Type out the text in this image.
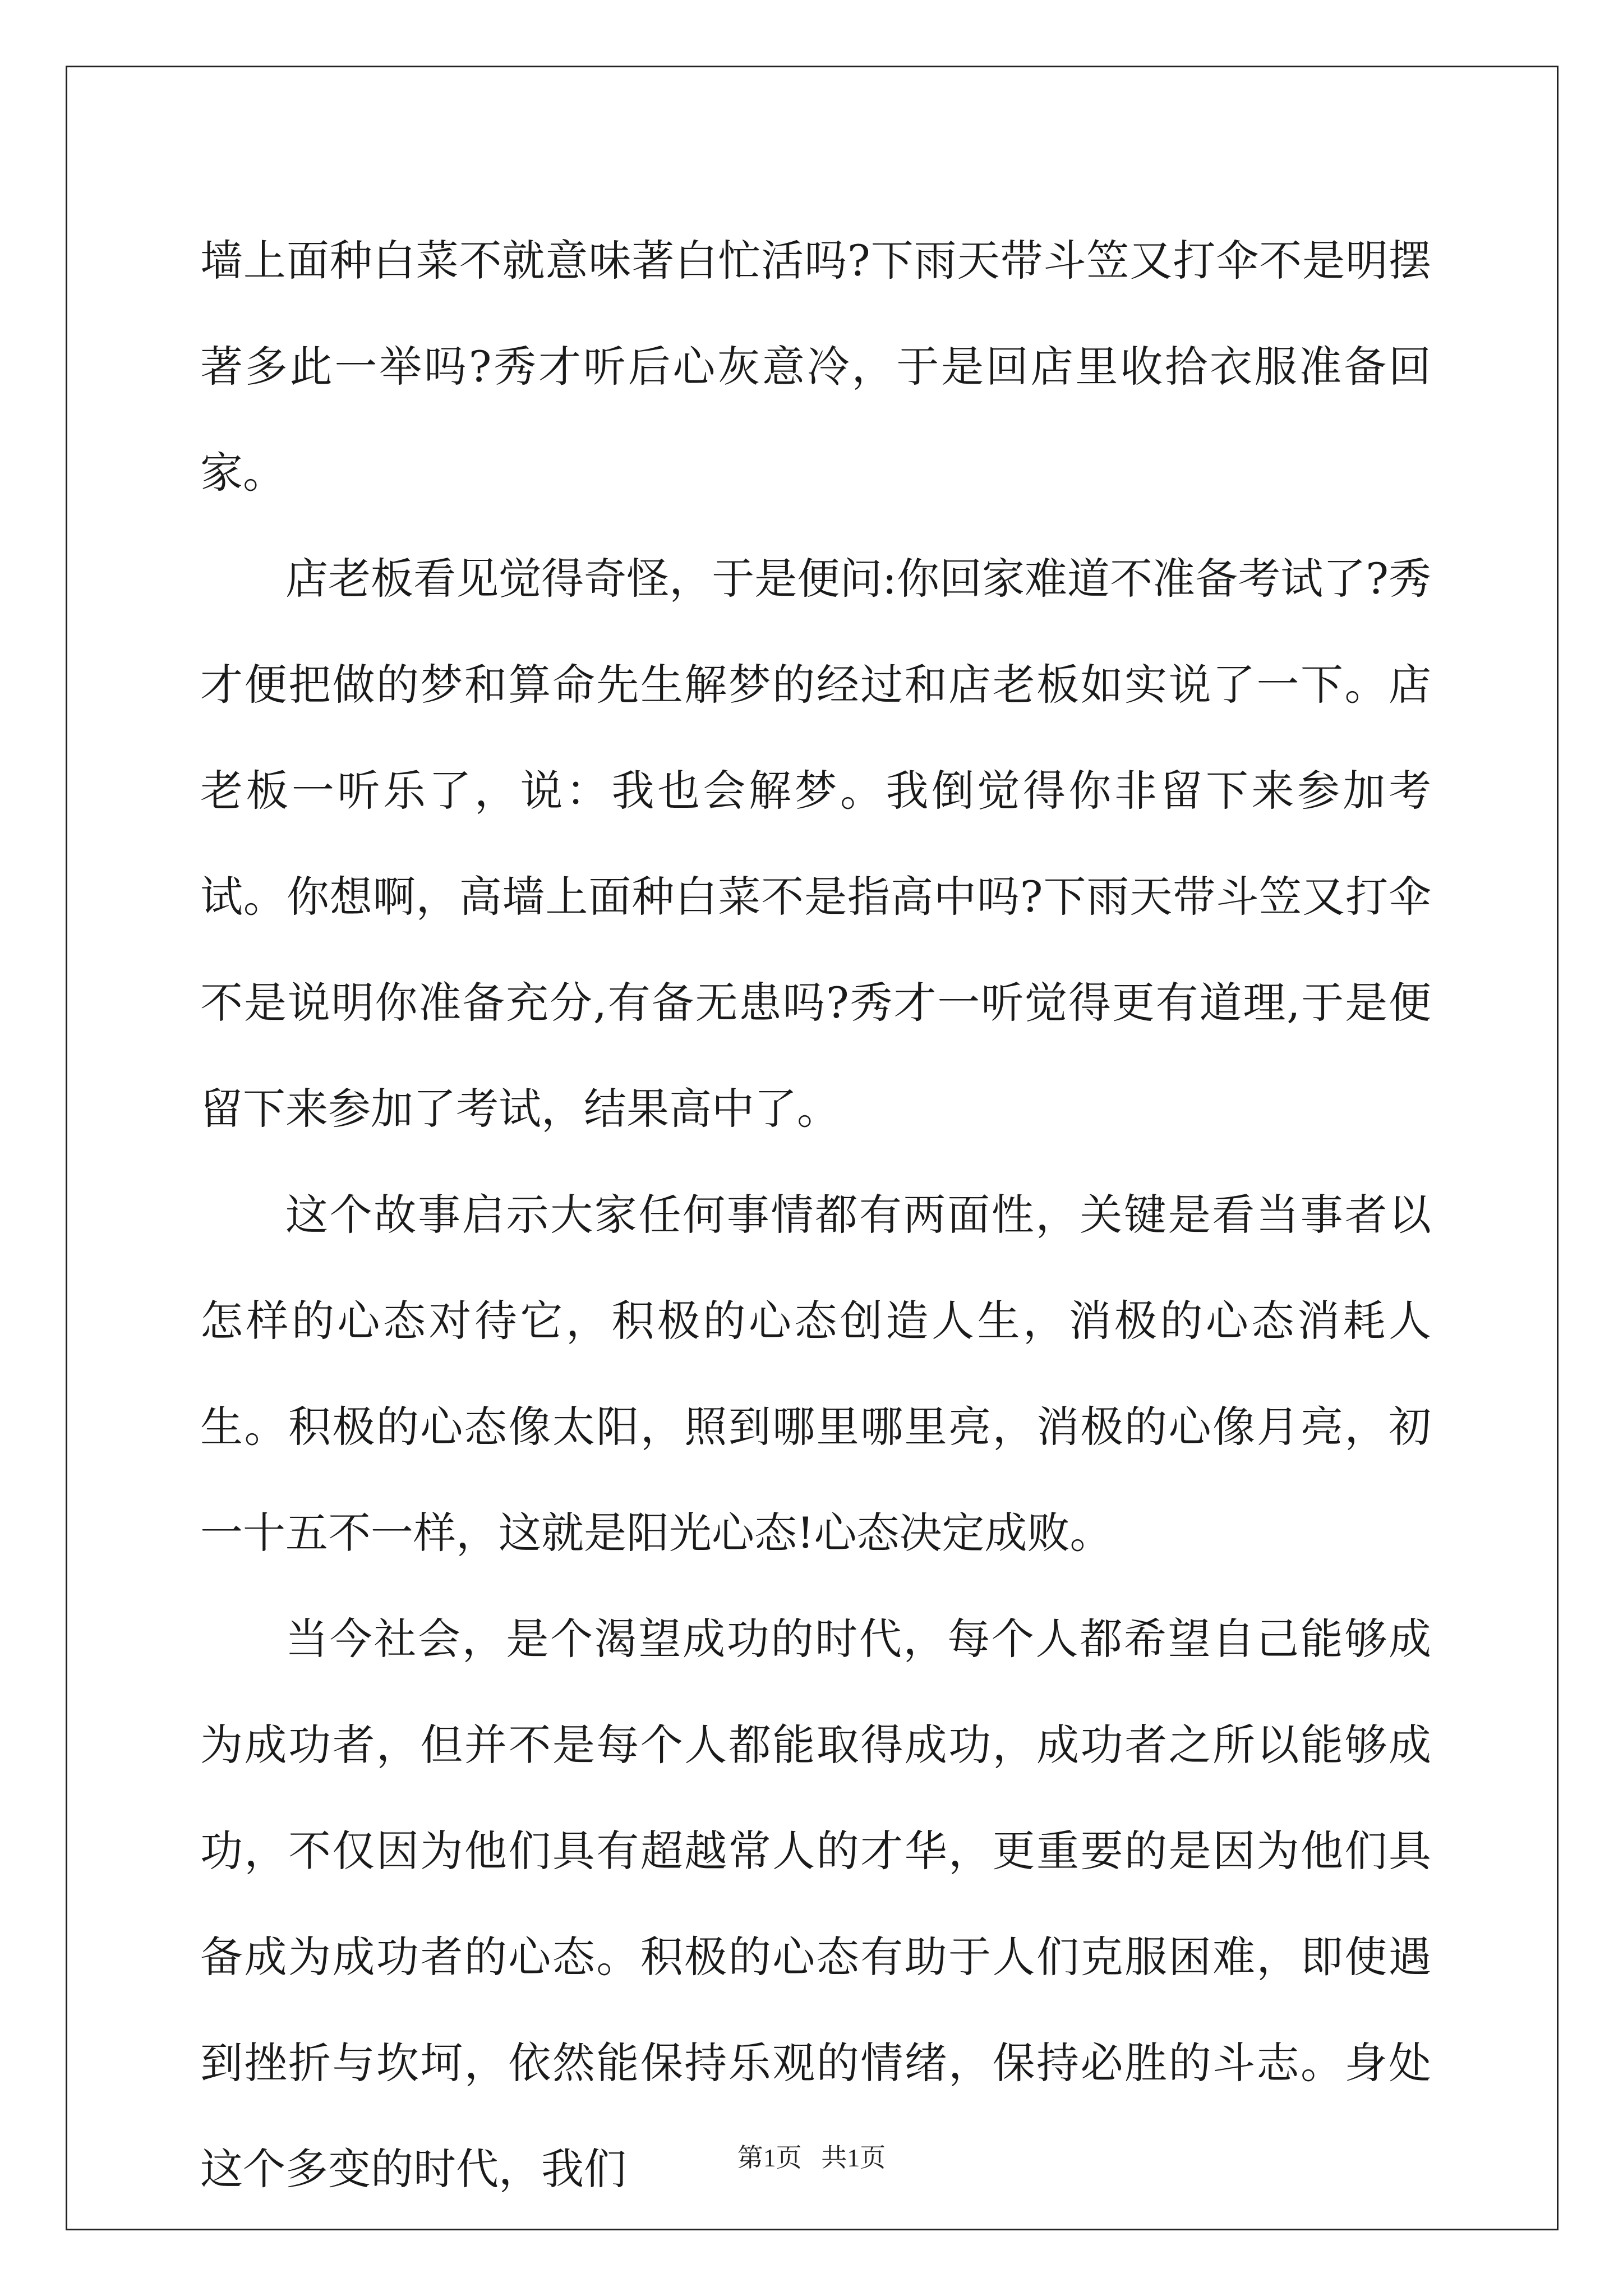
墙上面种白菜不就意味著白忙活吗?下雨天带斗笠又打伞不是明摆著多此一举吗?秀才听后心灰意冷，于是回店里收拾衣服准备回家。

店老板看见觉得奇怪，于是便问:你回家难道不准备考试了?秀才便把做的梦和算命先生解梦的经过和店老板如实说了一下。店老板一听乐了，说：我也会解梦。我倒觉得你非留下来参加考试。你想啊，高墙上面种白菜不是指高中吗?下雨天带斗笠又打伞不是说明你准备充分,有备无患吗?秀才一听觉得更有道理,于是便留下来参加了考试，结果高中了。

这个故事启示大家任何事情都有两面性，关键是看当事者以怎样的心态对待它，积极的心态创造人生，消极的心态消耗人生。积极的心态像太阳，照到哪里哪里亮，消极的心像月亮，初一十五不一样，这就是阳光心态!心态决定成败。

当今社会，是个渴望成功的时代，每个人都希望自己能够成为成功者，但并不是每个人都能取得成功，成功者之所以能够成功，不仅因为他们具有超越常人的才华，更重要的是因为他们具备成为成功者的心态。积极的心态有助于人们克服困难，即使遇到挫折与坎坷，依然能保持乐观的情绪，保持必胜的斗志。身处这个多变的时代，我们	第1页   共1页
